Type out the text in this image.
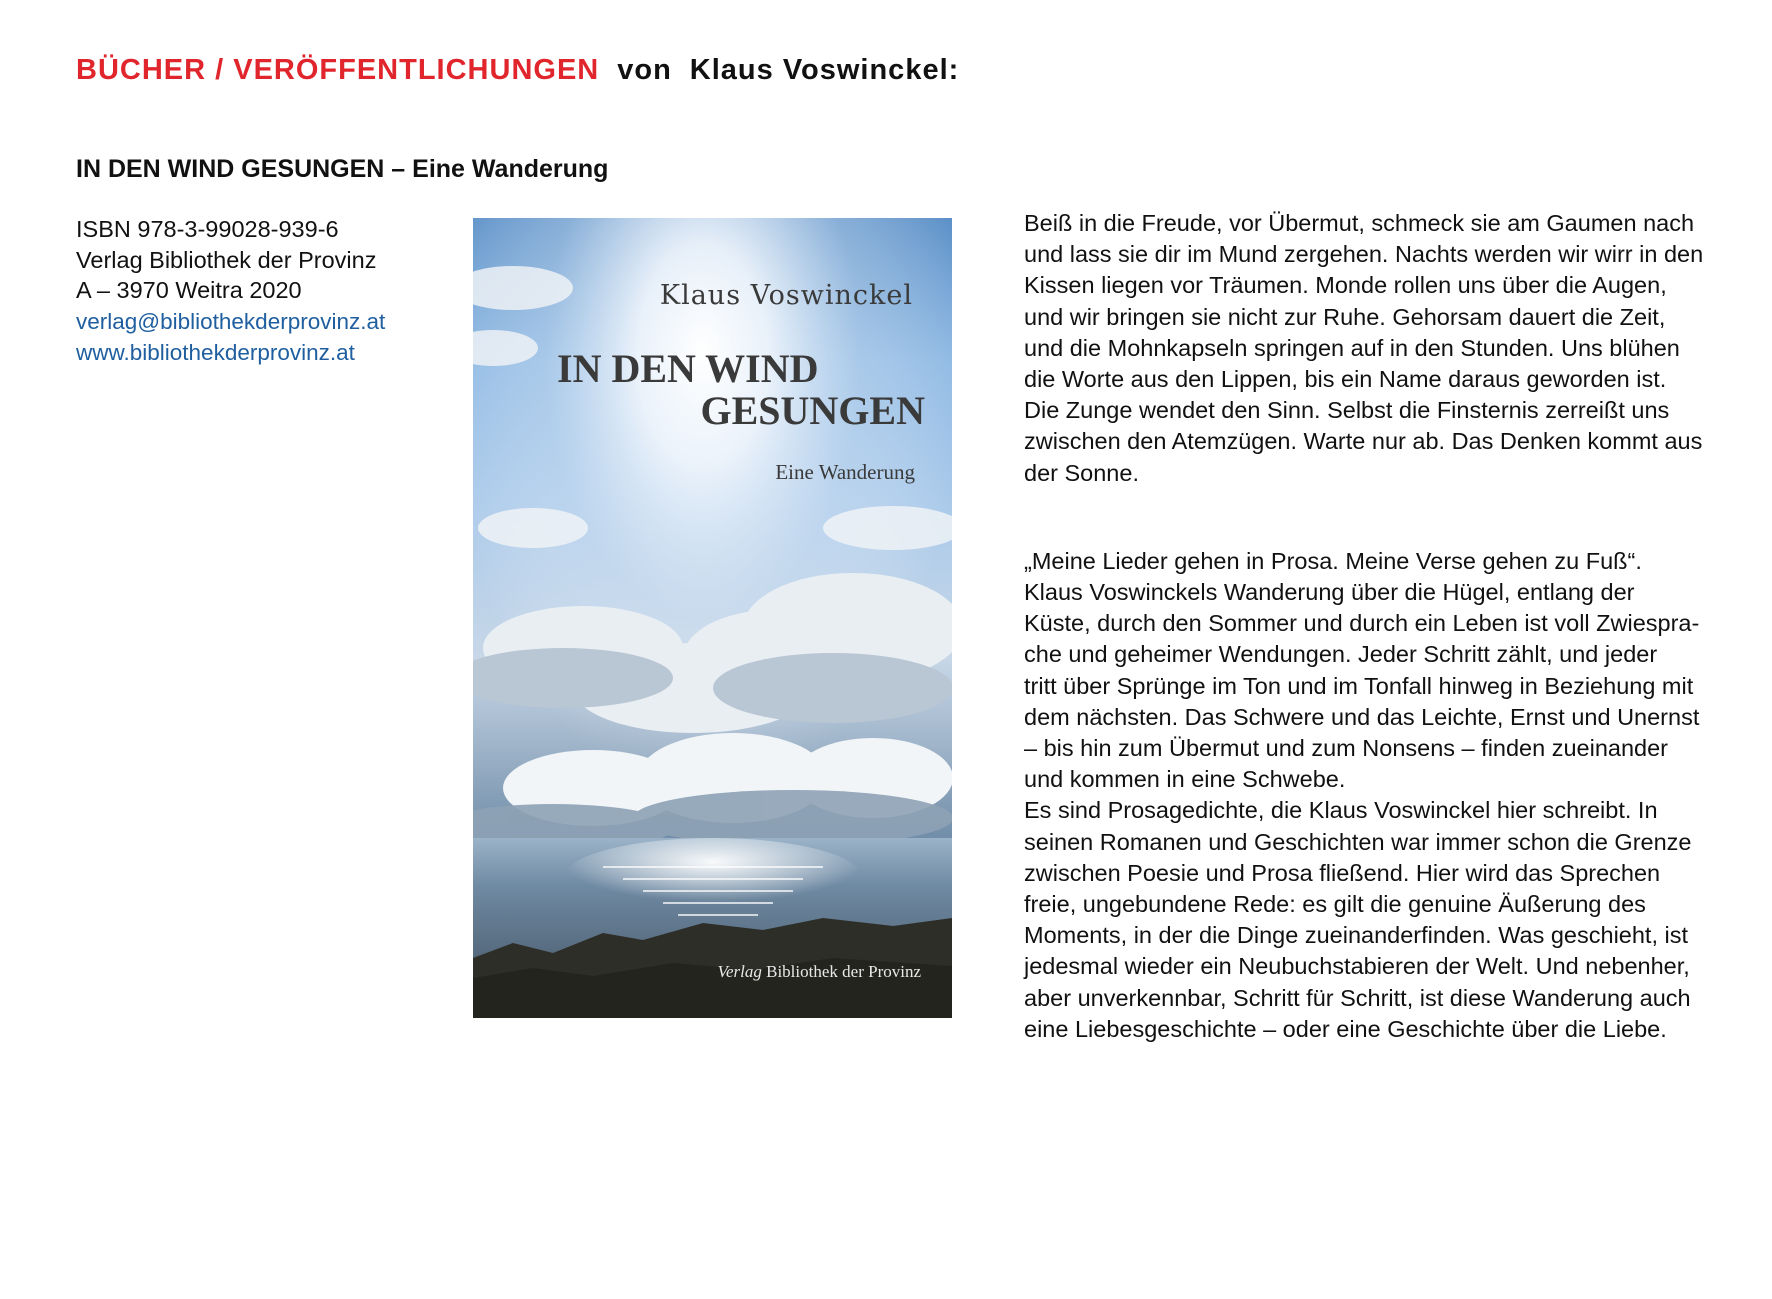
BÜCHER / VERÖFFENTLICHUNGEN von Klaus Voswinckel:
IN DEN WIND GESUNGEN – Eine Wanderung
ISBN 978-3-99028-939-6
Verlag Bibliothek der Provinz
A – 3970 Weitra 2020
verlag@bibliothekderprovinz.at
www.bibliothekderprovinz.at
Klaus Voswinckel
IN DEN WIND
GESUNGEN
Eine Wanderung
Verlag Bibliothek der Provinz

Beiß in die Freude, vor Übermut, schmeck sie am Gaumen nach
und lass sie dir im Mund zergehen. Nachts werden wir wirr in den
Kissen liegen vor Träumen. Monde rollen uns über die Augen,
und wir bringen sie nicht zur Ruhe. Gehorsam dauert die Zeit,
und die Mohnkapseln springen auf in den Stunden. Uns blühen
die Worte aus den Lippen, bis ein Name daraus geworden ist.
Die Zunge wendet den Sinn. Selbst die Finsternis zerreißt uns
zwischen den Atemzügen. Warte nur ab. Das Denken kommt aus
der Sonne.

„Meine Lieder gehen in Prosa. Meine Verse gehen zu Fuß“.
Klaus Voswinckels Wanderung über die Hügel, entlang der
Küste, durch den Sommer und durch ein Leben ist voll Zwiespra-
che und geheimer Wendungen. Jeder Schritt zählt, und jeder
tritt über Sprünge im Ton und im Tonfall hinweg in Beziehung mit
dem nächsten. Das Schwere und das Leichte, Ernst und Unernst
– bis hin zum Übermut und zum Nonsens – finden zueinander
und kommen in eine Schwebe.

Es sind Prosagedichte, die Klaus Voswinckel hier schreibt. In
seinen Romanen und Geschichten war immer schon die Grenze
zwischen Poesie und Prosa fließend. Hier wird das Sprechen
freie, ungebundene Rede: es gilt die genuine Äußerung des
Moments, in der die Dinge zueinanderfinden. Was geschieht, ist
jedesmal wieder ein Neubuchstabieren der Welt. Und nebenher,
aber unverkennbar, Schritt für Schritt, ist diese Wanderung auch
eine Liebesgeschichte – oder eine Geschichte über die Liebe.
